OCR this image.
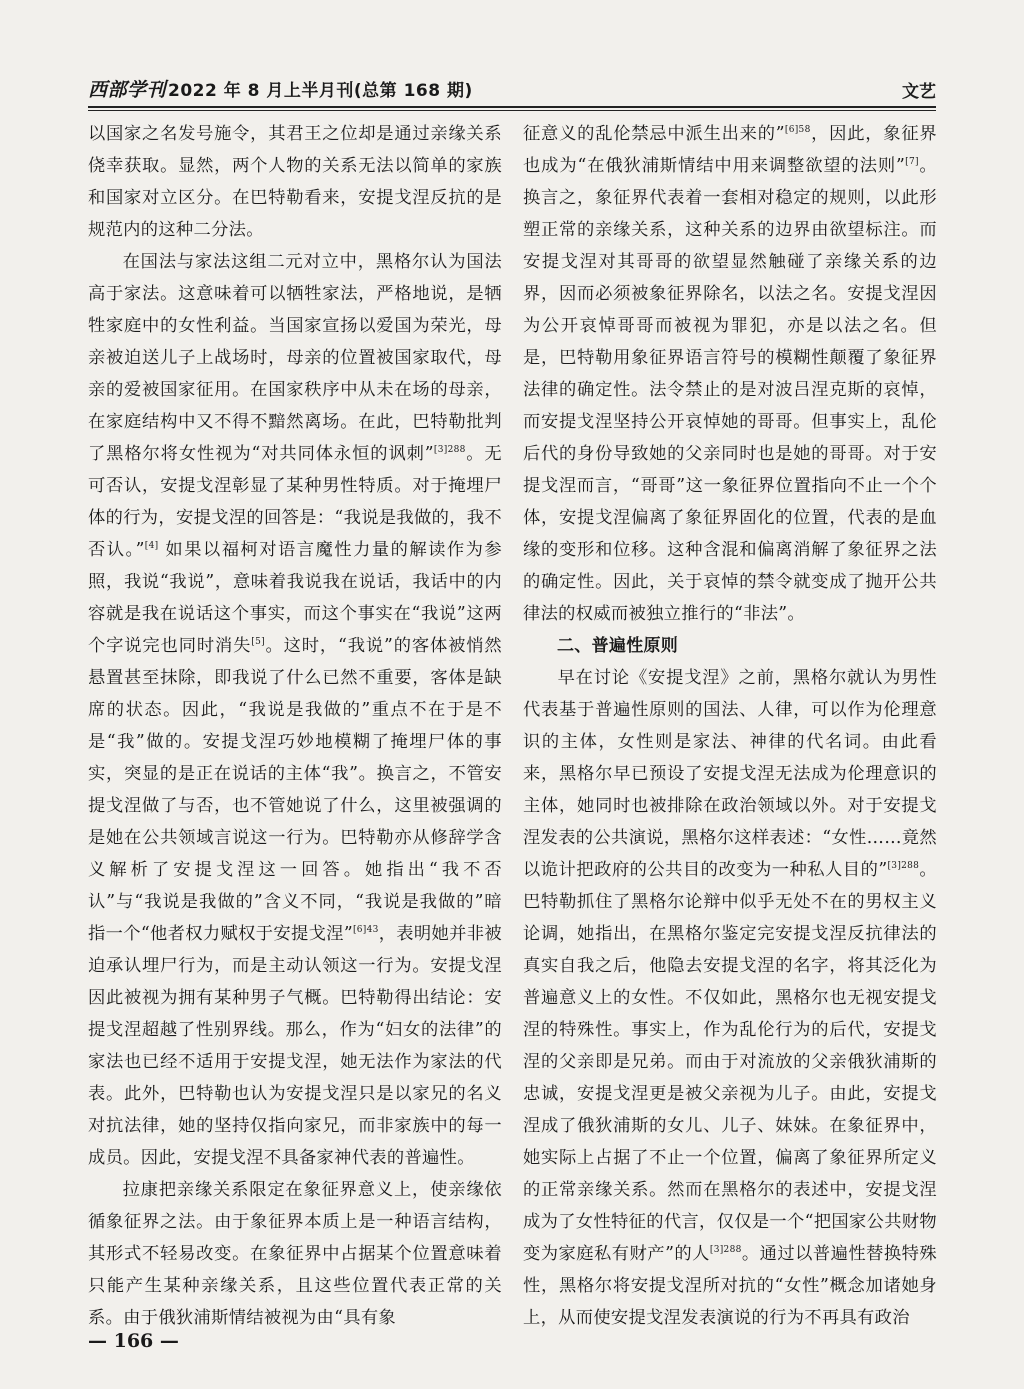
西部学刊 2022 年 8 月上半月刊(总第 168 期)	文艺

以国家之名发号施令，其君王之位却是通过亲缘关系侥幸获取。显然，两个人物的关系无法以简单的家族和国家对立区分。在巴特勒看来，安提戈涅反抗的是规范内的这种二分法。

在国法与家法这组二元对立中，黑格尔认为国法高于家法。这意味着可以牺牲家法，严格地说，是牺牲家庭中的女性利益。当国家宣扬以爱国为荣光，母亲被迫送儿子上战场时，母亲的位置被国家取代，母亲的爱被国家征用。在国家秩序中从未在场的母亲，在家庭结构中又不得不黯然离场。在此，巴特勒批判了黑格尔将女性视为“对共同体永恒的讽刺”$^{[3]288}$。无可否认，安提戈涅彰显了某种男性特质。对于掩埋尸体的行为，安提戈涅的回答是：“我说是我做的，我不否认。”[4] 如果以福柯对语言魔性力量的解读作为参照，我说“我说”，意味着我说我在说话，我话中的内容就是我在说话这个事实，而这个事实在“我说”这两个字说完也同时消失[5]。这时，“我说”的客体被悄然悬置甚至抹除，即我说了什么已然不重要，客体是缺席的状态。因此，“我说是我做的”重点不在于是不是“我”做的。安提戈涅巧妙地模糊了掩埋尸体的事实，突显的是正在说话的主体“我”。换言之，不管安提戈涅做了与否，也不管她说了什么，这里被强调的是她在公共领域言说这一行为。巴特勒亦从修辞学含义解析了安提戈涅这一回答。她指出“我不否认”与“我说是我做的”含义不同，“我说是我做的”暗指一个“他者权力赋权于安提戈涅”$^{[6]43}$，表明她并非被迫承认埋尸行为，而是主动认领这一行为。安提戈涅因此被视为拥有某种男子气概。巴特勒得出结论：安提戈涅超越了性别界线。那么，作为“妇女的法律”的家法也已经不适用于安提戈涅，她无法作为家法的代表。此外，巴特勒也认为安提戈涅只是以家兄的名义对抗法律，她的坚持仅指向家兄，而非家族中的每一成员。因此，安提戈涅不具备家神代表的普遍性。

拉康把亲缘关系限定在象征界意义上，使亲缘依循象征界之法。由于象征界本质上是一种语言结构，其形式不轻易改变。在象征界中占据某个位置意味着只能产生某种亲缘关系，且这些位置代表正常的关系。由于俄狄浦斯情结被视为由“具有象

征意义的乱伦禁忌中派生出来的”$^{[6]58}$，因此，象征界也成为“在俄狄浦斯情结中用来调整欲望的法则”[7]。换言之，象征界代表着一套相对稳定的规则，以此形塑正常的亲缘关系，这种关系的边界由欲望标注。而安提戈涅对其哥哥的欲望显然触碰了亲缘关系的边界，因而必须被象征界除名，以法之名。安提戈涅因为公开哀悼哥哥而被视为罪犯，亦是以法之名。但是，巴特勒用象征界语言符号的模糊性颠覆了象征界法律的确定性。法令禁止的是对波吕涅克斯的哀悼，而安提戈涅坚持公开哀悼她的哥哥。但事实上，乱伦后代的身份导致她的父亲同时也是她的哥哥。对于安提戈涅而言，“哥哥”这一象征界位置指向不止一个个体，安提戈涅偏离了象征界固化的位置，代表的是血缘的变形和位移。这种含混和偏离消解了象征界之法的确定性。因此，关于哀悼的禁令就变成了抛开公共律法的权威而被独立推行的“非法”。

二、普遍性原则

早在讨论《安提戈涅》之前，黑格尔就认为男性代表基于普遍性原则的国法、人律，可以作为伦理意识的主体，女性则是家法、神律的代名词。由此看来，黑格尔早已预设了安提戈涅无法成为伦理意识的主体，她同时也被排除在政治领域以外。对于安提戈涅发表的公共演说，黑格尔这样表述：“女性……竟然以诡计把政府的公共目的改变为一种私人目的”$^{[3]288}$。巴特勒抓住了黑格尔论辩中似乎无处不在的男权主义论调，她指出，在黑格尔鉴定完安提戈涅反抗律法的真实自我之后，他隐去安提戈涅的名字，将其泛化为普遍意义上的女性。不仅如此，黑格尔也无视安提戈涅的特殊性。事实上，作为乱伦行为的后代，安提戈涅的父亲即是兄弟。而由于对流放的父亲俄狄浦斯的忠诚，安提戈涅更是被父亲视为儿子。由此，安提戈涅成了俄狄浦斯的女儿、儿子、妹妹。在象征界中，她实际上占据了不止一个位置，偏离了象征界所定义的正常亲缘关系。然而在黑格尔的表述中，安提戈涅成为了女性特征的代言，仅仅是一个“把国家公共财物变为家庭私有财产”的人$^{[3]288}$。通过以普遍性替换特殊性，黑格尔将安提戈涅所对抗的“女性”概念加诸她身上，从而使安提戈涅发表演说的行为不再具有政治

— 166 —
